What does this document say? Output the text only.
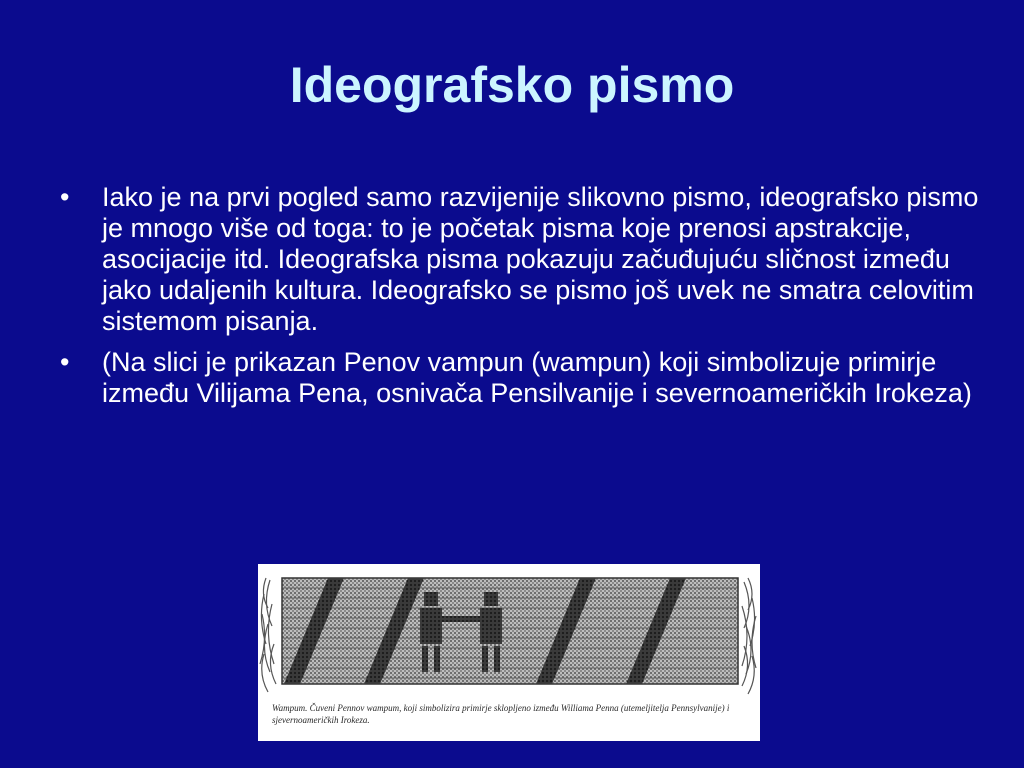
Ideografsko pismo
•	Iako je na prvi pogled samo razvijenije slikovno pismo, ideografsko pismo je mnogo više od toga: to je početak pisma koje prenosi apstrakcije, asocijacije itd. Ideografska pisma pokazuju začuđujuću sličnost između jako udaljenih kultura. Ideografsko se pismo još uvek ne smatra celovitim sistemom pisanja.
•	(Na slici je prikazan Penov vampun (wampun) koji simbolizuje primirje između Vilijama Pena, osnivača Pensilvanije i severnoameričkih Irokeza)
Wampum. Čuveni Pennov wampum, koji simbolizira primirje sklopljeno između Williama Penna (utemeljitelja Pennsylvanije) i sjevernoameričkih Irokeza.
